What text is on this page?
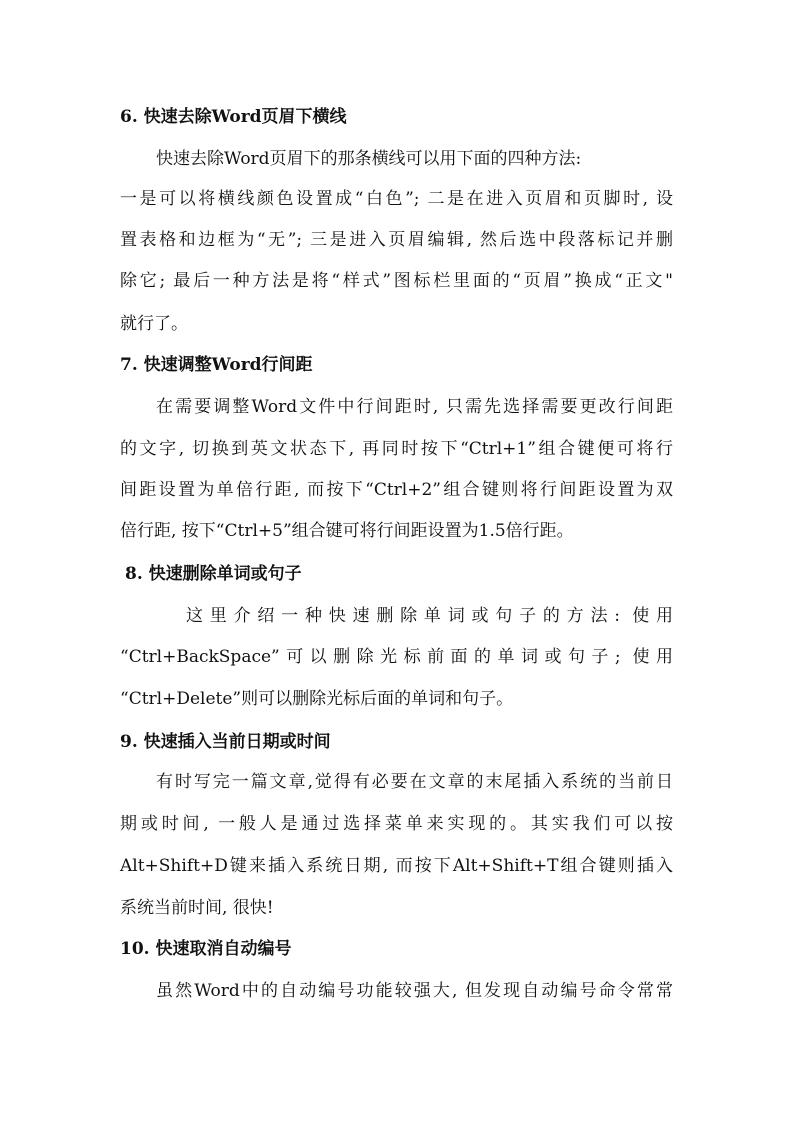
6. 快速去除Word页眉下横线
快速去除Word页眉下的那条横线可以用下面的四种方法:
一是可以将横线颜色设置成“白色”; 二是在进入页眉和页脚时, 设
置表格和边框为“无”; 三是进入页眉编辑, 然后选中段落标记并删
除它; 最后一种方法是将“样式”图标栏里面的“页眉”换成“正文"
就行了。
7. 快速调整Word行间距
在需要调整Word文件中行间距时, 只需先选择需要更改行间距
的文字, 切换到英文状态下, 再同时按下“Ctrl+1”组合键便可将行
间距设置为单倍行距, 而按下“Ctrl+2”组合键则将行间距设置为双
倍行距, 按下“Ctrl+5”组合键可将行间距设置为1.5倍行距。
8. 快速删除单词或句子
这里介绍一种快速删除单词或句子的方法: 使用
“Ctrl+BackSpace”可以删除光标前面的单词或句子; 使用
“Ctrl+Delete”则可以删除光标后面的单词和句子。
9. 快速插入当前日期或时间
有时写完一篇文章,觉得有必要在文章的末尾插入系统的当前日
期或时间, 一般人是通过选择菜单来实现的。其实我们可以按
Alt+Shift+D键来插入系统日期, 而按下Alt+Shift+T组合键则插入
系统当前时间, 很快!
10. 快速取消自动编号
虽然Word中的自动编号功能较强大, 但发现自动编号命令常常
